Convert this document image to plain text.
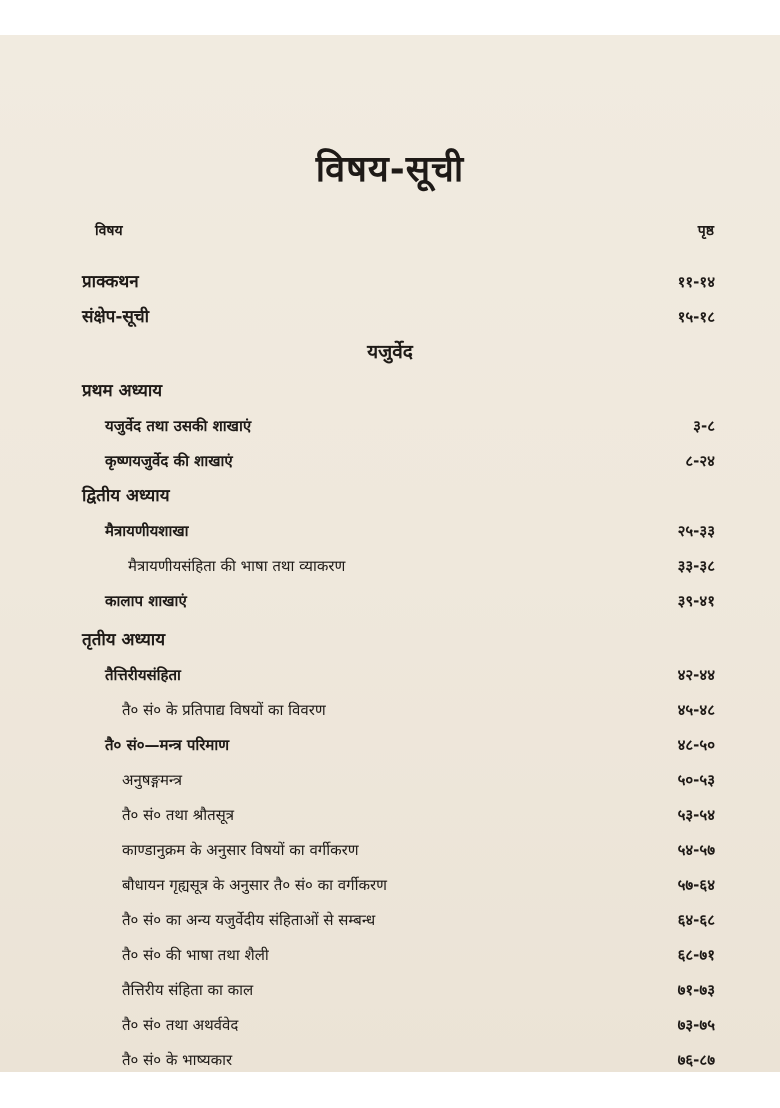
विषय-सूची
विषय	पृष्ठ
प्राक्कथन	११-१४
संक्षेप-सूची	१५-१८
यजुर्वेद
प्रथम अध्याय
यजुर्वेद तथा उसकी शाखाएं	३-८
कृष्णयजुर्वेद की शाखाएं	८-२४
द्वितीय अध्याय
मैत्रायणीयशाखा	२५-३३
मैत्रायणीयसंहिता की भाषा तथा व्याकरण	३३-३८
कालाप शाखाएं	३९-४१
तृतीय अध्याय
तैत्तिरीयसंहिता	४२-४४
तै० सं० के प्रतिपाद्य विषयों का विवरण	४५-४८
तै० सं०—मन्त्र परिमाण	४८-५०
अनुषङ्गमन्त्र	५०-५३
तै० सं० तथा श्रौतसूत्र	५३-५४
काण्डानुक्रम के अनुसार विषयों का वर्गीकरण	५४-५७
बौधायन गृह्यसूत्र के अनुसार तै० सं० का वर्गीकरण	५७-६४
तै० सं० का अन्य यजुर्वेदीय संहिताओं से सम्बन्ध	६४-६८
तै० सं० की भाषा तथा शैली	६८-७१
तैत्तिरीय संहिता का काल	७१-७३
तै० सं० तथा अथर्ववेद	७३-७५
तै० सं० के भाष्यकार	७६-८७
